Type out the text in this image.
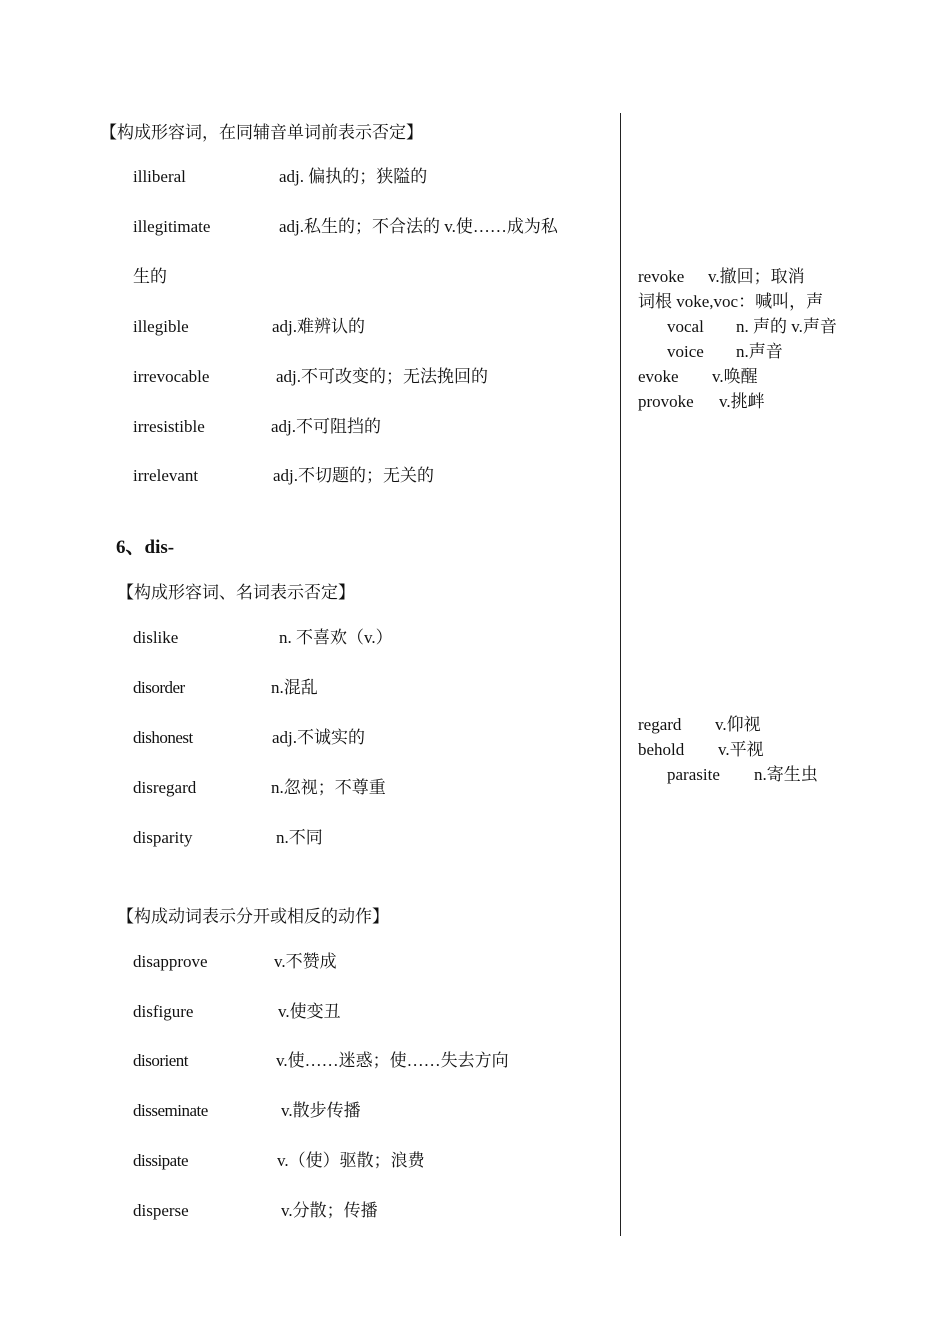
【构成形容词，在同辅音单词前表示否定】
illiberal	adj. 偏执的；狭隘的
illegitimate	adj.私生的；不合法的 v.使……成为私
生的
illegible	adj.难辨认的
irrevocable	adj.不可改变的；无法挽回的
irresistible	adj.不可阻挡的
irrelevant	adj.不切题的；无关的
6、dis-
【构成形容词、名词表示否定】
dislike	n. 不喜欢（v.）
disorder	n.混乱
dishonest	adj.不诚实的
disregard	n.忽视；不尊重
disparity	n.不同
【构成动词表示分开或相反的动作】
disapprove	v.不赞成
disfigure	v.使变丑
disorient	v.使……迷惑；使……失去方向
disseminate	v.散步传播
dissipate	v.（使）驱散；浪费
disperse	v.分散；传播
revoke v.撤回；取消
词根 voke,voc：喊叫，声
vocal n. 声的 v.声音
voice n.声音
evoke v.唤醒
provoke v.挑衅
regard v.仰视
behold v.平视
parasite n.寄生虫
